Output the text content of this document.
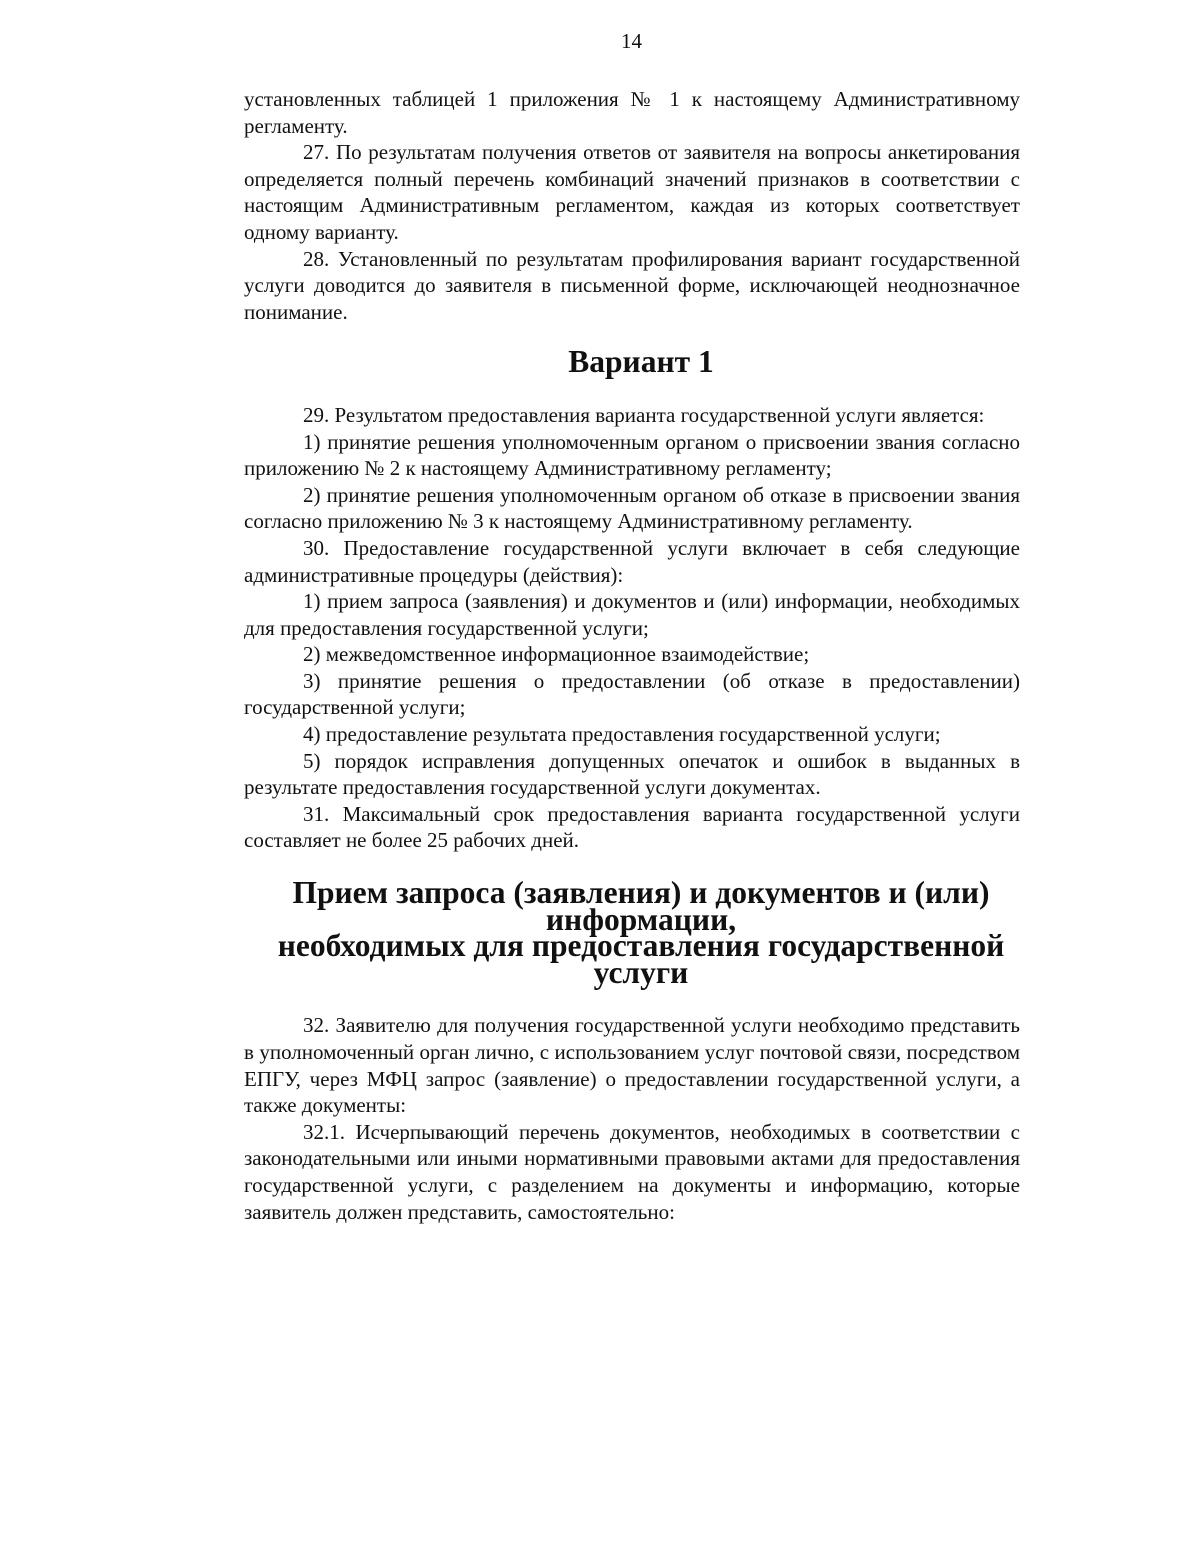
14

установленных таблицей 1 приложения № 1 к настоящему Административному регламенту.

27. По результатам получения ответов от заявителя на вопросы анкетирования определяется полный перечень комбинаций значений признаков в соответствии с настоящим Административным регламентом, каждая из которых соответствует одному варианту.

28. Установленный по результатам профилирования вариант государственной услуги доводится до заявителя в письменной форме, исключающей неоднозначное понимание.

Вариант 1

29. Результатом предоставления варианта государственной услуги является:

1) принятие решения уполномоченным органом о присвоении звания согласно приложению № 2 к настоящему Административному регламенту;

2) принятие решения уполномоченным органом об отказе в присвоении звания согласно приложению № 3 к настоящему Административному регламенту.

30. Предоставление государственной услуги включает в себя следующие административные процедуры (действия):

1) прием запроса (заявления) и документов и (или) информации, необходимых для предоставления государственной услуги;

2) межведомственное информационное взаимодействие;

3) принятие решения о предоставлении (об отказе в предоставлении) государственной услуги;

4) предоставление результата предоставления государственной услуги;

5) порядок исправления допущенных опечаток и ошибок в выданных в результате предоставления государственной услуги документах.

31. Максимальный срок предоставления варианта государственной услуги составляет не более 25 рабочих дней.

Прием запроса (заявления) и документов и (или) информации,
необходимых для предоставления государственной услуги

32. Заявителю для получения государственной услуги необходимо представить в уполномоченный орган лично, с использованием услуг почтовой связи, посредством ЕПГУ, через МФЦ запрос (заявление) о предоставлении государственной услуги, а также документы:

32.1. Исчерпывающий перечень документов, необходимых в соответствии с законодательными или иными нормативными правовыми актами для предоставления государственной услуги, с разделением на документы и информацию, которые заявитель должен представить, самостоятельно:
